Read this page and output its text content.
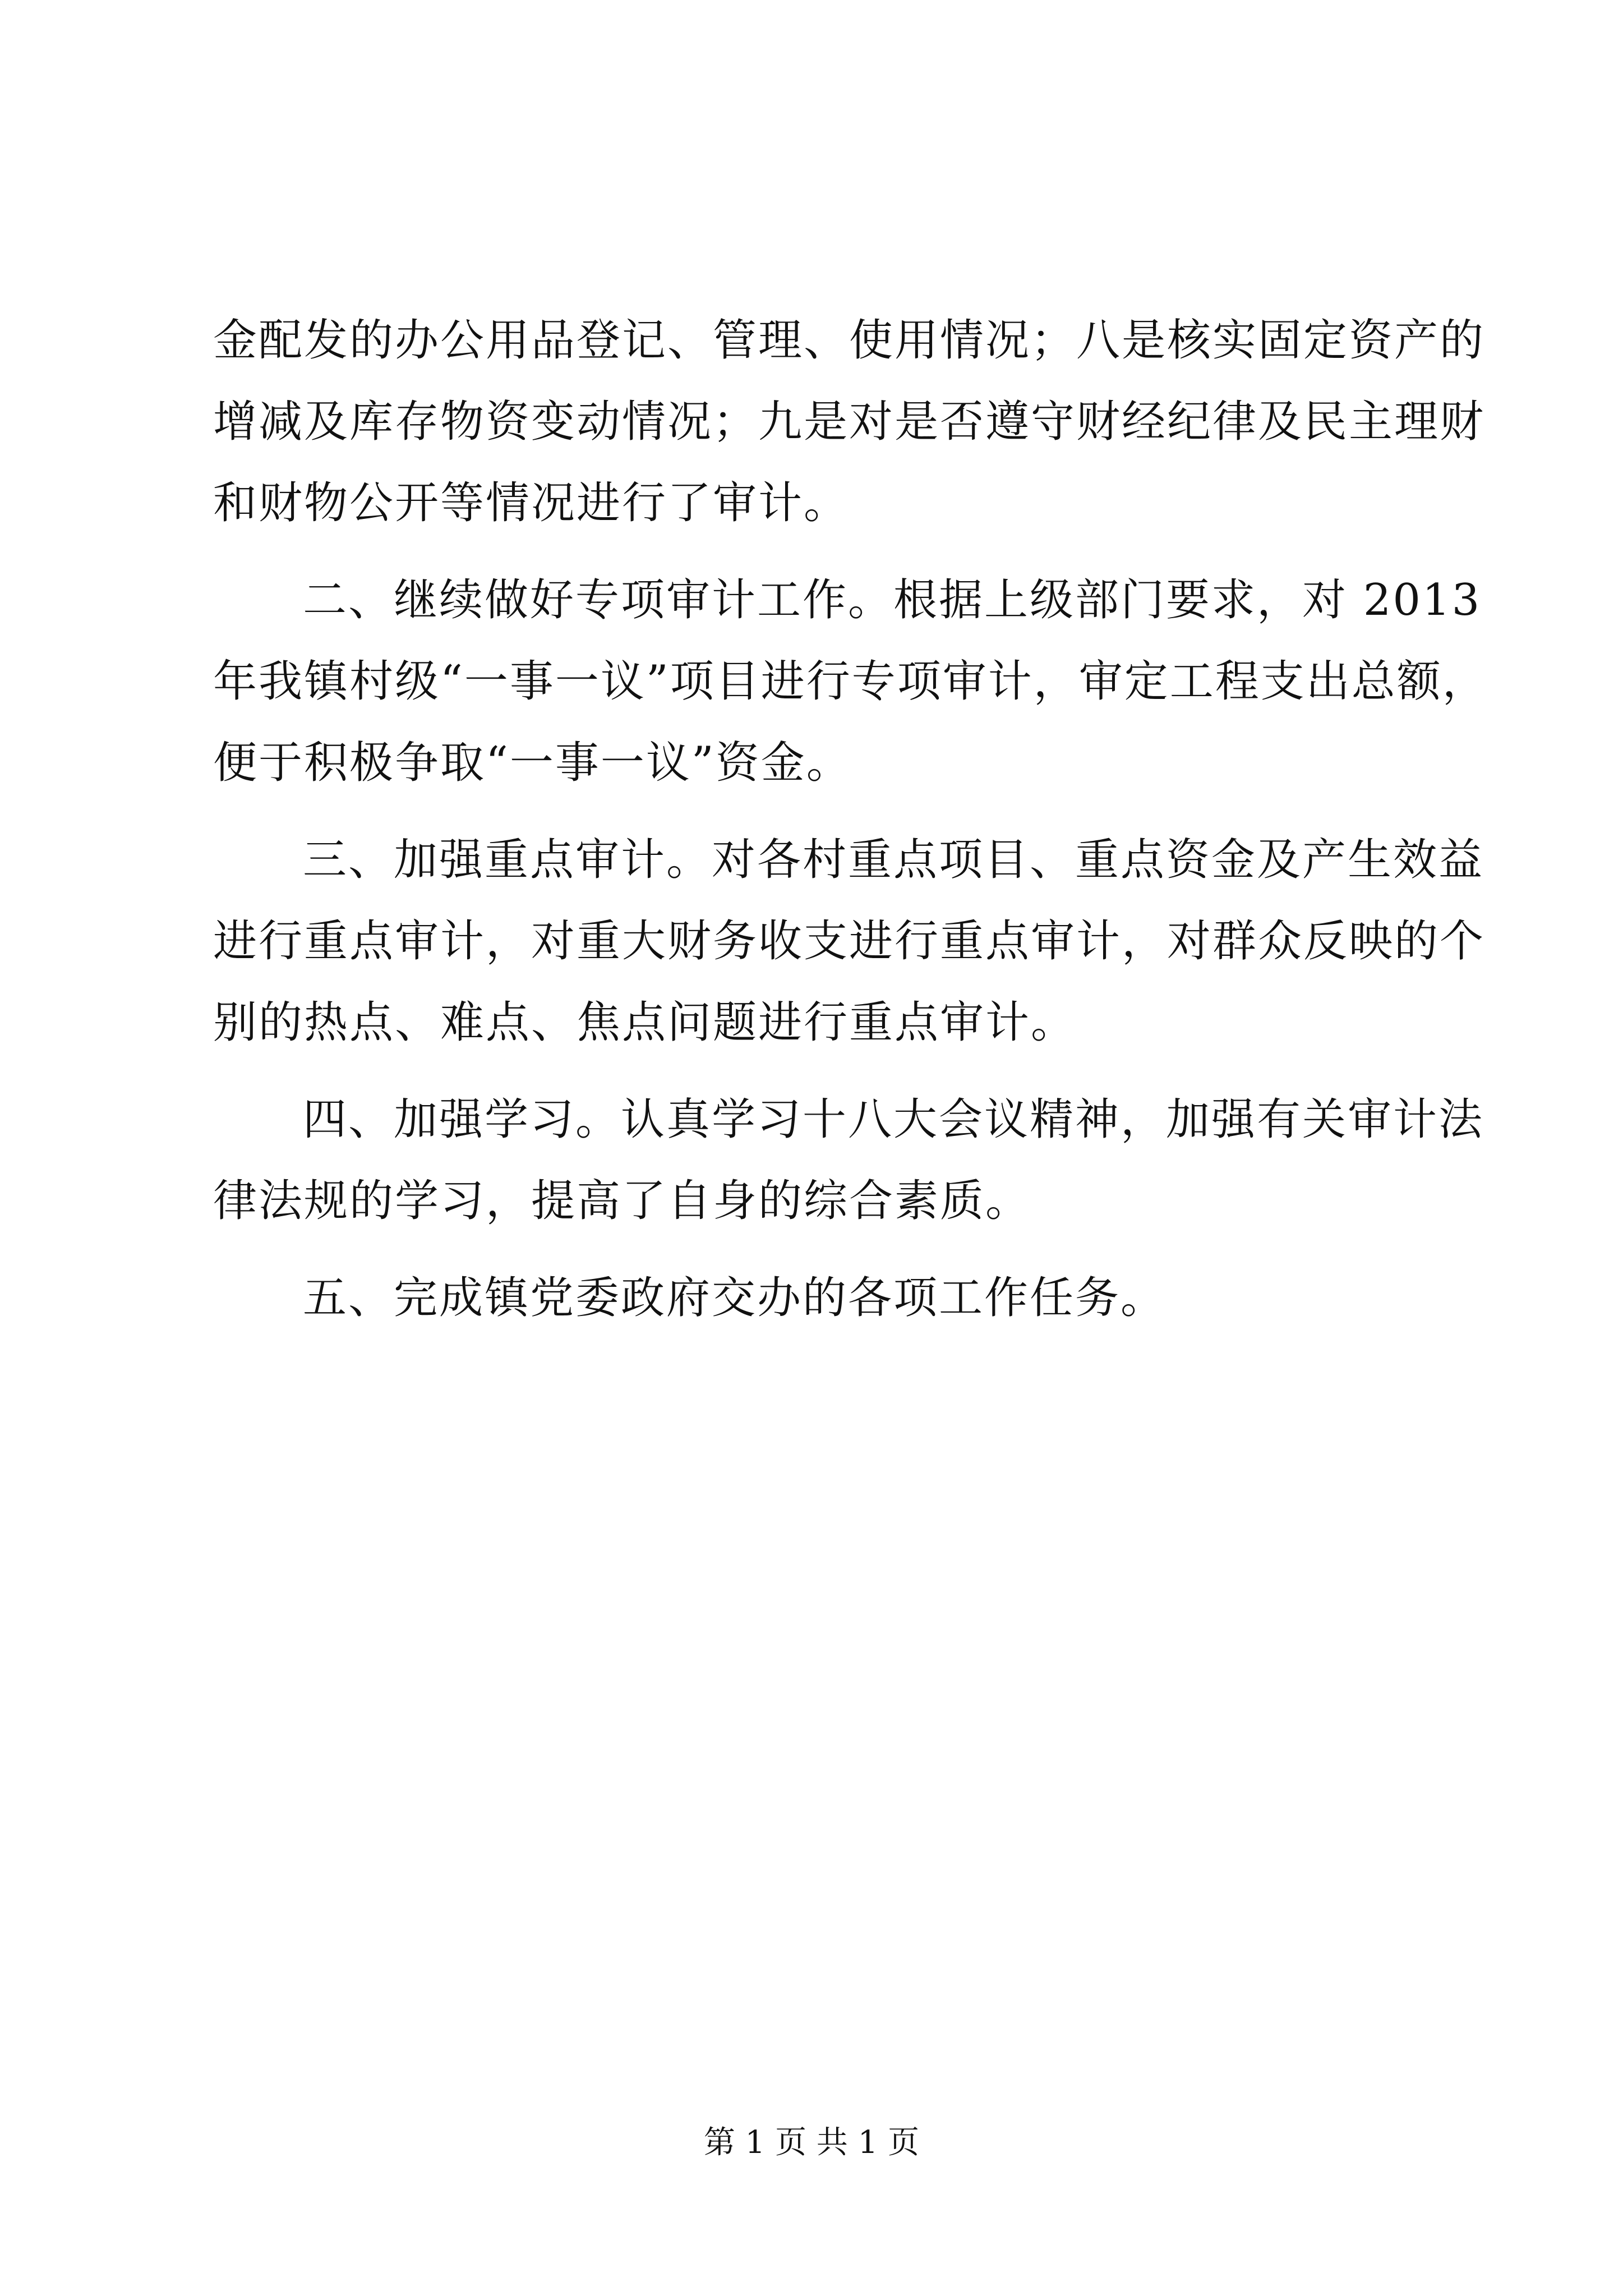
金配发的办公用品登记、管理、使用情况；八是核实固定资产的
增减及库存物资变动情况；九是对是否遵守财经纪律及民主理财
和财物公开等情况进行了审计。
二、继续做好专项审计工作。根据上级部门要求，对 2013
年我镇村级“一事一议”项目进行专项审计，审定工程支出总额，
便于积极争取“一事一议”资金。
三、加强重点审计。对各村重点项目、重点资金及产生效益
进行重点审计，对重大财务收支进行重点审计，对群众反映的个
别的热点、难点、焦点问题进行重点审计。
四、加强学习。认真学习十八大会议精神，加强有关审计法
律法规的学习，提高了自身的综合素质。
五、完成镇党委政府交办的各项工作任务。
第 1 页 共 1 页
